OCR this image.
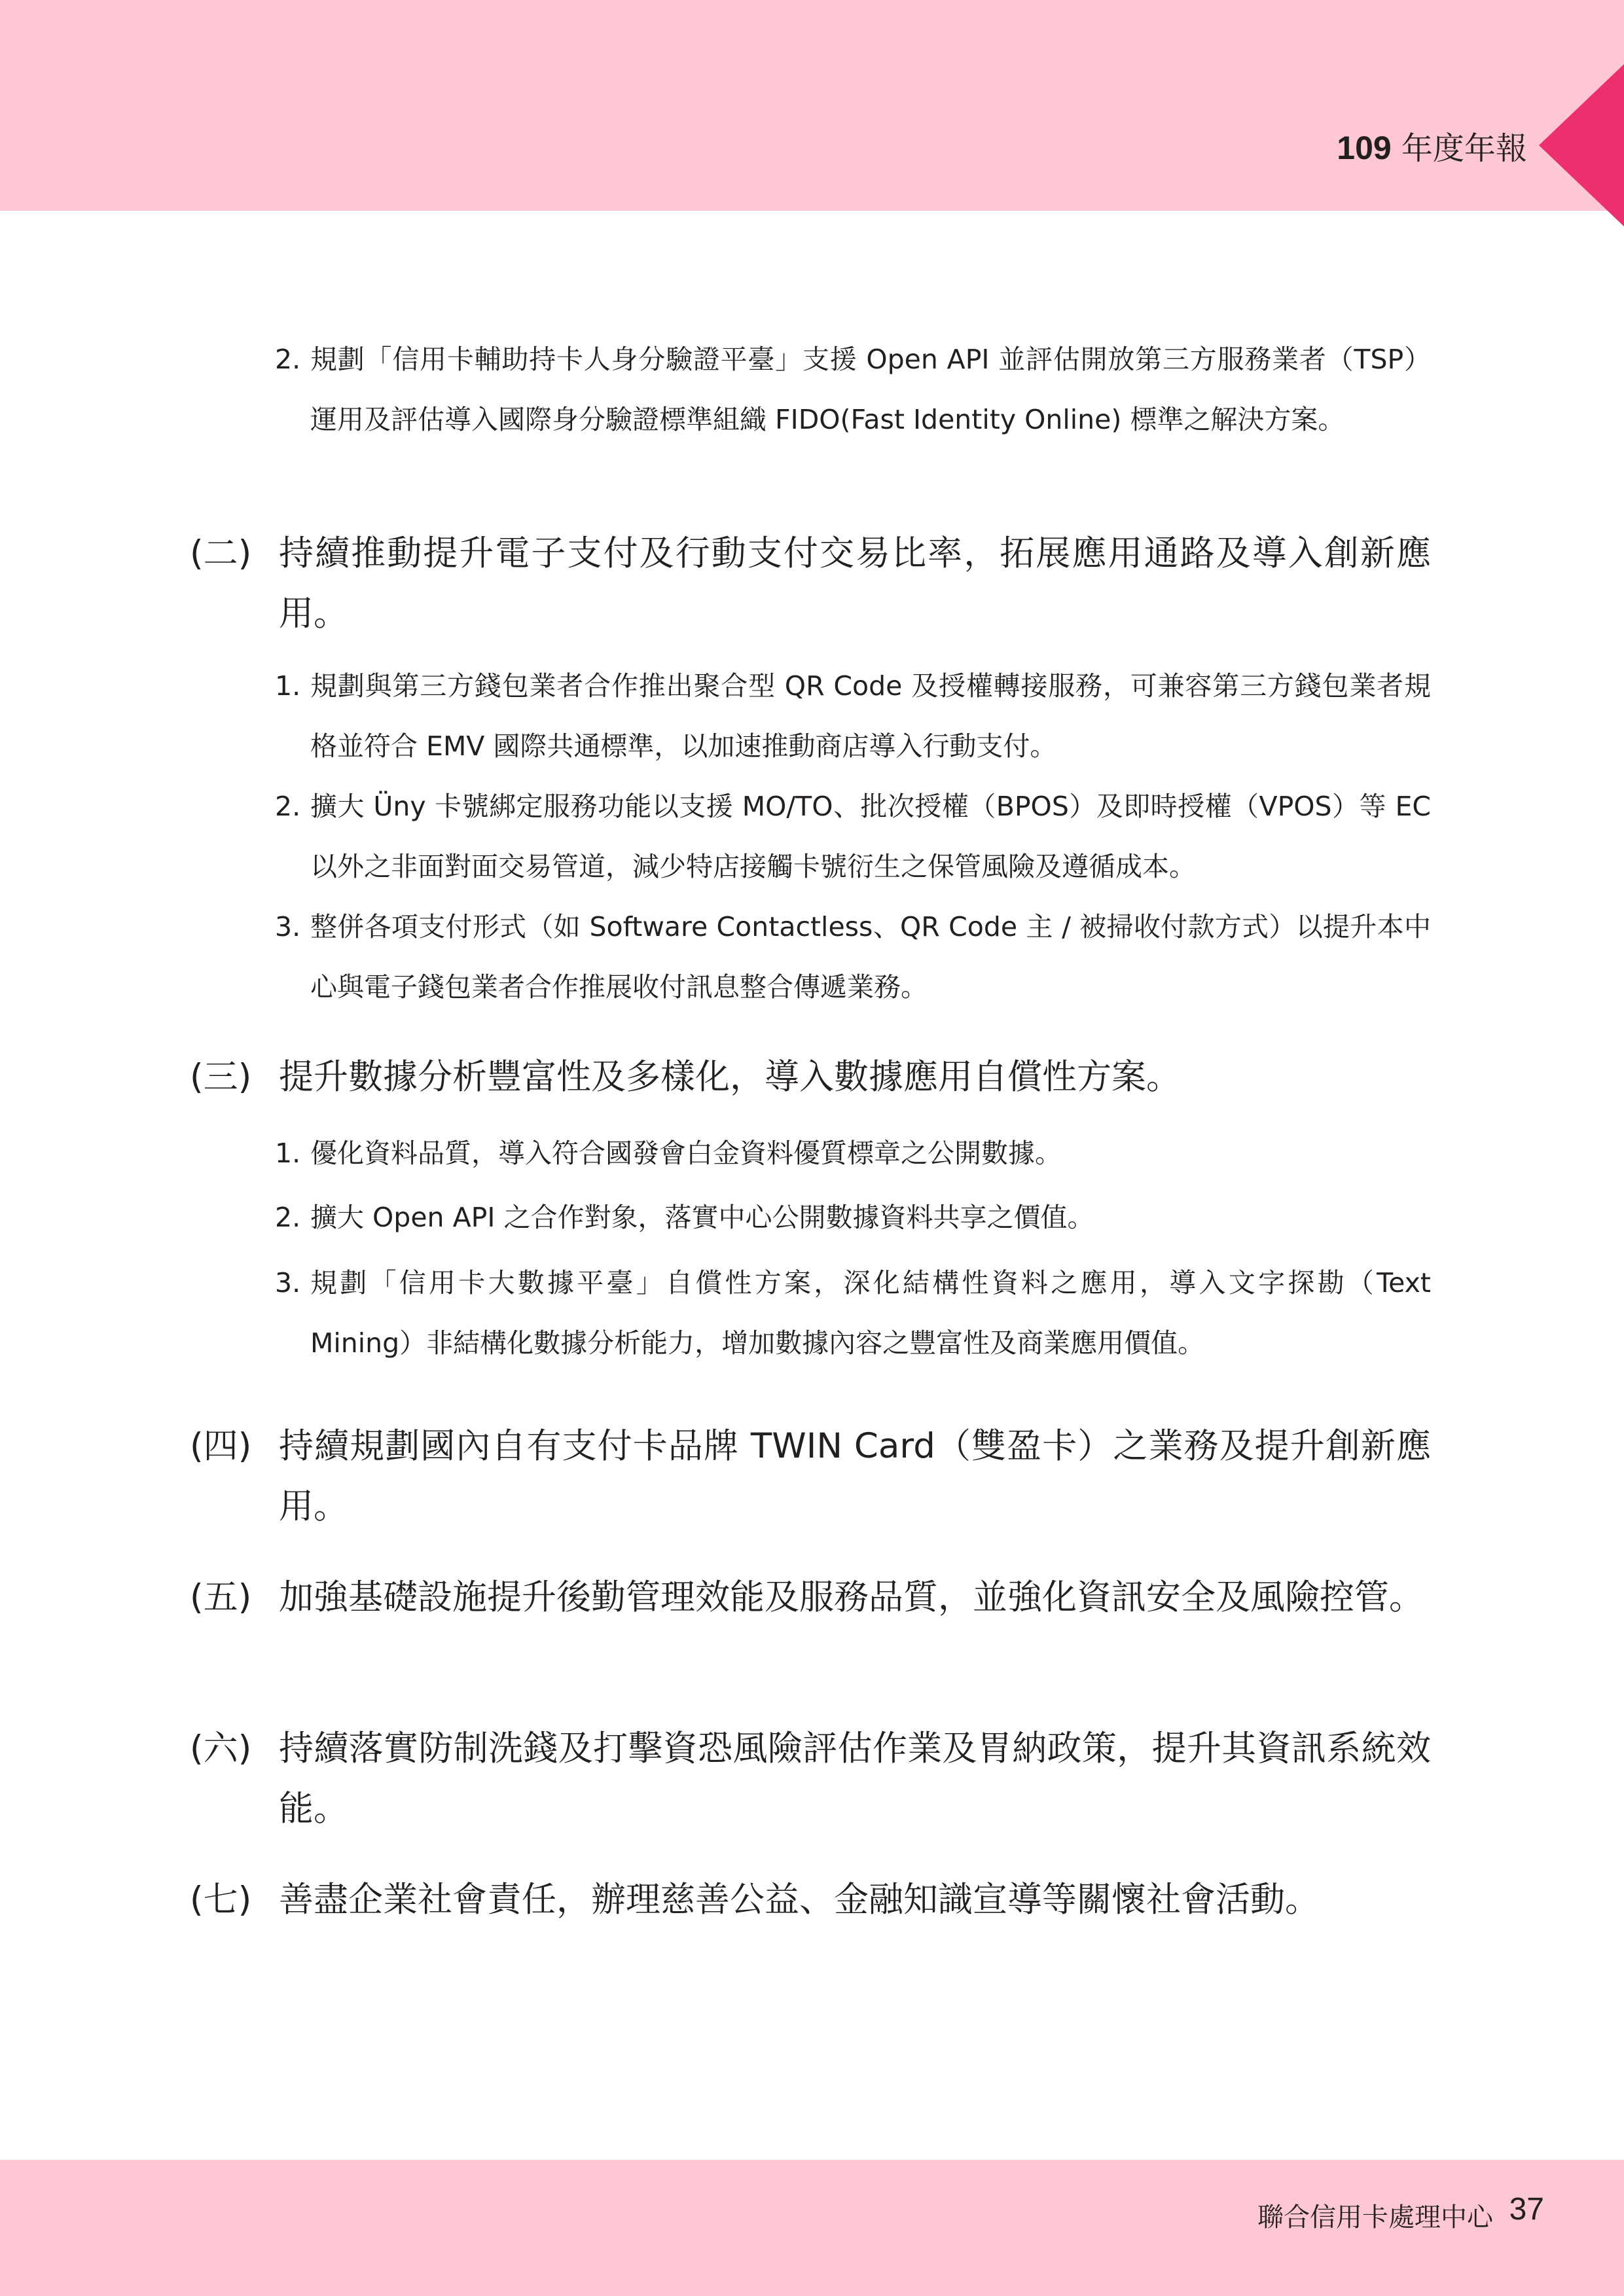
109 年度年報
2. 規劃「信用卡輔助持卡人身分驗證平臺」支援 Open API 並評估開放第三方服務業者（TSP）運用及評估導入國際身分驗證標準組織 FIDO(Fast Identity Online) 標準之解決方案。
(二) 持續推動提升電子支付及行動支付交易比率，拓展應用通路及導入創新應用。
1. 規劃與第三方錢包業者合作推出聚合型 QR Code 及授權轉接服務，可兼容第三方錢包業者規格並符合 EMV 國際共通標準，以加速推動商店導入行動支付。
2. 擴大 Üny 卡號綁定服務功能以支援 MO/TO、批次授權（BPOS）及即時授權（VPOS）等 EC 以外之非面對面交易管道，減少特店接觸卡號衍生之保管風險及遵循成本。
3. 整併各項支付形式（如 Software Contactless、QR Code 主 / 被掃收付款方式）以提升本中心與電子錢包業者合作推展收付訊息整合傳遞業務。
(三) 提升數據分析豐富性及多樣化，導入數據應用自償性方案。
1. 優化資料品質，導入符合國發會白金資料優質標章之公開數據。
2. 擴大 Open API 之合作對象，落實中心公開數據資料共享之價值。
3. 規劃「信用卡大數據平臺」自償性方案，深化結構性資料之應用，導入文字探勘（Text Mining）非結構化數據分析能力，增加數據內容之豐富性及商業應用價值。
(四) 持續規劃國內自有支付卡品牌 TWIN Card（雙盈卡）之業務及提升創新應用。
(五) 加強基礎設施提升後勤管理效能及服務品質，並強化資訊安全及風險控管。
(六) 持續落實防制洗錢及打擊資恐風險評估作業及胃納政策，提升其資訊系統效能。
(七) 善盡企業社會責任，辦理慈善公益、金融知識宣導等關懷社會活動。
聯合信用卡處理中心 37
